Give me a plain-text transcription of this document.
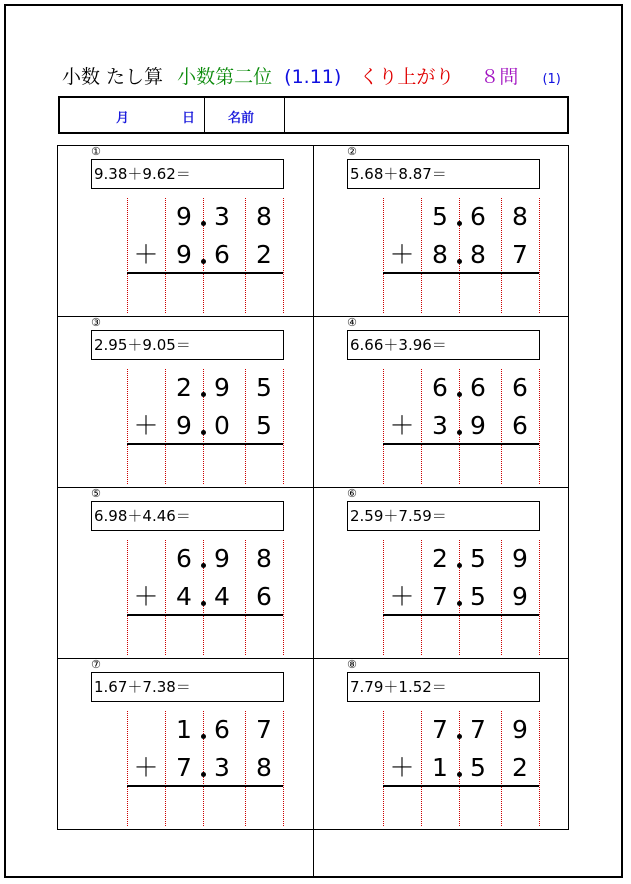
小数 たし算 小数第二位 (1.11) くり上がり ８問 (1)
月	日	名前
①
9.38＋9.62＝
9 3	8
＋ 9 6	2
②
5.68＋8.87＝
5 6	8
＋ 8 8	7
③
2.95＋9.05＝
2 9	5
＋ 9 0	5
④
6.66＋3.96＝
6 6	6
＋ 3 9	6
⑤
6.98＋4.46＝
6 9	8
＋ 4 4	6
⑥
2.59＋7.59＝
2 5	9
＋ 7 5	9
⑦
1.67＋7.38＝
1 6	7
＋ 7 3	8
⑧
7.79＋1.52＝
7 7	9
＋ 1 5	2
